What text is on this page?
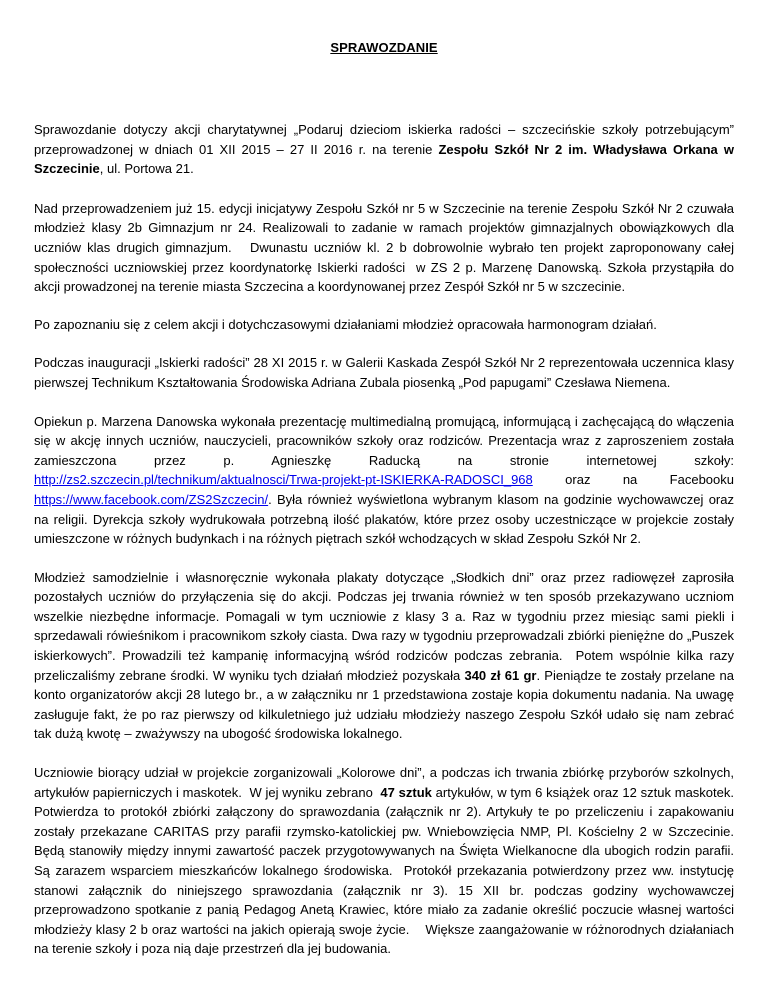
SPRAWOZDANIE

Sprawozdanie dotyczy akcji charytatywnej „Podaruj dzieciom iskierka radości – szczecińskie szkoły potrzebującym” przeprowadzonej w dniach 01 XII 2015 – 27 II 2016 r. na terenie Zespołu Szkół Nr 2 im. Władysława Orkana w Szczecinie, ul. Portowa 21.

Nad przeprowadzeniem już 15. edycji inicjatywy Zespołu Szkół nr 5 w Szczecinie na terenie Zespołu Szkół Nr 2 czuwała młodzież klasy 2b Gimnazjum nr 24. Realizowali to zadanie w ramach projektów gimnazjalnych obowiązkowych dla uczniów klas drugich gimnazjum.   Dwunastu uczniów kl. 2 b dobrowolnie wybrało ten projekt zaproponowany całej społeczności uczniowskiej przez koordynatorkę Iskierki radości  w ZS 2 p. Marzenę Danowską. Szkoła przystąpiła do akcji prowadzonej na terenie miasta Szczecina a koordynowanej przez Zespół Szkół nr 5 w szczecinie.

Po zapoznaniu się z celem akcji i dotychczasowymi działaniami młodzież opracowała harmonogram działań.

Podczas inauguracji „Iskierki radości” 28 XI 2015 r. w Galerii Kaskada Zespół Szkół Nr 2 reprezentowała uczennica klasy pierwszej Technikum Kształtowania Środowiska Adriana Zubala piosenką „Pod papugami” Czesława Niemena.

Opiekun p. Marzena Danowska wykonała prezentację multimedialną promującą, informującą i zachęcającą do włączenia się w akcję innych uczniów, nauczycieli, pracowników szkoły oraz rodziców. Prezentacja wraz z zaproszeniem została zamieszczona przez p. Agnieszkę Raducką na stronie internetowej szkoły: http://zs2.szczecin.pl/technikum/aktualnosci/Trwa-projekt-pt-ISKIERKA-RADOSCI_968 oraz na Facebooku https://www.facebook.com/ZS2Szczecin/. Była również wyświetlona wybranym klasom na godzinie wychowawczej oraz na religii. Dyrekcja szkoły wydrukowała potrzebną ilość plakatów, które przez osoby uczestniczące w projekcie zostały umieszczone w różnych budynkach i na różnych piętrach szkół wchodzących w skład Zespołu Szkół Nr 2.

Młodzież samodzielnie i własnoręcznie wykonała plakaty dotyczące „Słodkich dni” oraz przez radiowęzeł zaprosiła pozostałych uczniów do przyłączenia się do akcji. Podczas jej trwania również w ten sposób przekazywano uczniom wszelkie niezbędne informacje. Pomagali w tym uczniowie z klasy 3 a. Raz w tygodniu przez miesiąc sami piekli i sprzedawali rówieśnikom i pracownikom szkoły ciasta. Dwa razy w tygodniu przeprowadzali zbiórki pieniężne do „Puszek iskierkowych”. Prowadzili też kampanię informacyjną wśród rodziców podczas zebrania.  Potem wspólnie kilka razy przeliczaliśmy zebrane środki. W wyniku tych działań młodzież pozyskała 340 zł 61 gr. Pieniądze te zostały przelane na konto organizatorów akcji 28 lutego br., a w załączniku nr 1 przedstawiona zostaje kopia dokumentu nadania. Na uwagę zasługuje fakt, że po raz pierwszy od kilkuletniego już udziału młodzieży naszego Zespołu Szkół udało się nam zebrać tak dużą kwotę – zważywszy na ubogość środowiska lokalnego.

Uczniowie biorący udział w projekcie zorganizowali „Kolorowe dni”, a podczas ich trwania zbiórkę przyborów szkolnych, artykułów papierniczych i maskotek.  W jej wyniku zebrano  47 sztuk artykułów, w tym 6 książek oraz 12 sztuk maskotek. Potwierdza to protokół zbiórki załączony do sprawozdania (załącznik nr 2). Artykuły te po przeliczeniu i zapakowaniu zostały przekazane CARITAS przy parafii rzymsko-katolickiej pw. Wniebowzięcia NMP, Pl. Kościelny 2 w Szczecinie. Będą stanowiły między innymi zawartość paczek przygotowywanych na Święta Wielkanocne dla ubogich rodzin parafii. Są zarazem wsparciem mieszkańców lokalnego środowiska.  Protokół przekazania potwierdzony przez ww. instytucję stanowi załącznik do niniejszego sprawozdania (załącznik nr 3). 15 XII br. podczas godziny wychowawczej przeprowadzono spotkanie z panią Pedagog Anetą Krawiec, które miało za zadanie określić poczucie własnej wartości młodzieży klasy 2 b oraz wartości na jakich opierają swoje życie.    Większe zaangażowanie w różnorodnych działaniach na terenie szkoły i poza nią daje przestrzeń dla jej budowania.
